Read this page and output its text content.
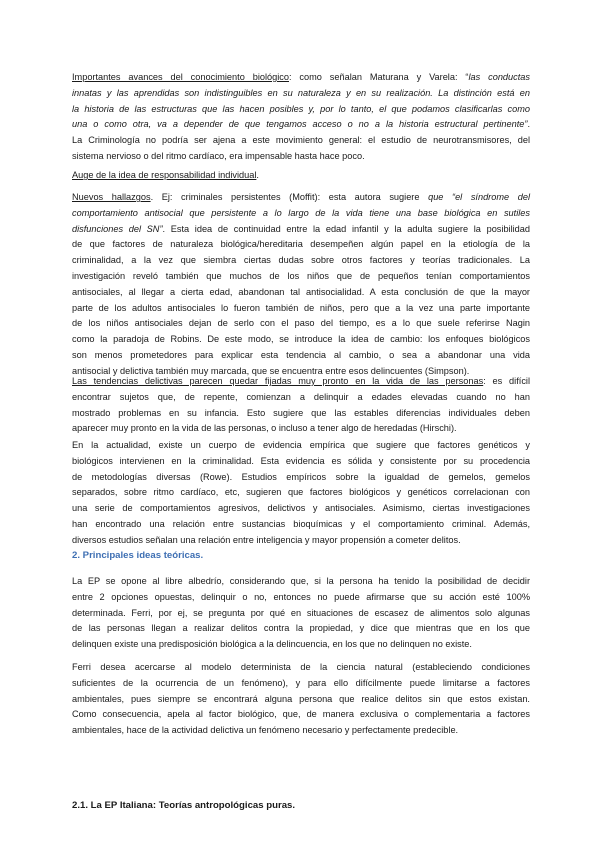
Importantes avances del conocimiento biológico: como señalan Maturana y Varela: “las conductas
innatas y las aprendidas son indistinguibles en su naturaleza y en su realización. La distinción está en
la historia de las estructuras que las hacen posibles y, por lo tanto, el que podamos clasificarlas como
una o como otra, va a depender de que tengamos acceso o no a la historia estructural pertinente”.
La Criminología no podría ser ajena a este movimiento general: el estudio de neurotransmisores, del
sistema nervioso o del ritmo cardíaco, era impensable hasta hace poco.
Auge de la idea de responsabilidad individual.
Nuevos hallazgos. Ej: criminales persistentes (Moffit): esta autora sugiere que “el síndrome del
comportamiento antisocial que persistente a lo largo de la vida tiene una base biológica en sutiles
disfunciones del SN”. Esta idea de continuidad entre la edad infantil y la adulta sugiere la posibilidad
de que factores de naturaleza biológica/hereditaria desempeñen algún papel en la etiología de la
criminalidad, a la vez que siembra ciertas dudas sobre otros factores y teorías tradicionales. La
investigación reveló también que muchos de los niños que de pequeños tenían comportamientos
antisociales, al llegar a cierta edad, abandonan tal antisocialidad. A esta conclusión de que la mayor
parte de los adultos antisociales lo fueron también de niños, pero que a la vez una parte importante
de los niños antisociales dejan de serlo con el paso del tiempo, es a lo que suele referirse Nagin
como la paradoja de Robins. De este modo, se introduce la idea de cambio: los enfoques biológicos
son menos prometedores para explicar esta tendencia al cambio, o sea a abandonar una vida
antisocial y delictiva también muy marcada, que se encuentra entre esos delincuentes (Simpson).
Las tendencias delictivas parecen quedar fijadas muy pronto en la vida de las personas: es difícil
encontrar sujetos que, de repente, comienzan a delinquir a edades elevadas cuando no han
mostrado problemas en su infancia. Esto sugiere que las estables diferencias individuales deben
aparecer muy pronto en la vida de las personas, o incluso a tener algo de heredadas (Hirschi).
En la actualidad, existe un cuerpo de evidencia empírica que sugiere que factores genéticos y
biológicos intervienen en la criminalidad. Esta evidencia es sólida y consistente por su procedencia
de metodologías diversas (Rowe). Estudios empíricos sobre la igualdad de gemelos, gemelos
separados, sobre ritmo cardíaco, etc, sugieren que factores biológicos y genéticos correlacionan con
una serie de comportamientos agresivos, delictivos y antisociales. Asimismo, ciertas investigaciones
han encontrado una relación entre sustancias bioquímicas y el comportamiento criminal. Además,
diversos estudios señalan una relación entre inteligencia y mayor propensión a cometer delitos.
2. Principales ideas teóricas.
La EP se opone al libre albedrío, considerando que, si la persona ha tenido la posibilidad de decidir
entre 2 opciones opuestas, delinquir o no, entonces no puede afirmarse que su acción esté 100%
determinada. Ferri, por ej, se pregunta por qué en situaciones de escasez de alimentos solo algunas
de las personas llegan a realizar delitos contra la propiedad, y dice que mientras que en los que
delinquen existe una predisposición biológica a la delincuencia, en los que no delinquen no existe.
Ferri desea acercarse al modelo determinista de la ciencia natural (estableciendo condiciones
suficientes de la ocurrencia de un fenómeno), y para ello difícilmente puede limitarse a factores
ambientales, pues siempre se encontrará alguna persona que realice delitos sin que estos existan.
Como consecuencia, apela al factor biológico, que, de manera exclusiva o complementaria a factores
ambientales, hace de la actividad delictiva un fenómeno necesario y perfectamente predecible.
2.1. La EP Italiana: Teorías antropológicas puras.
